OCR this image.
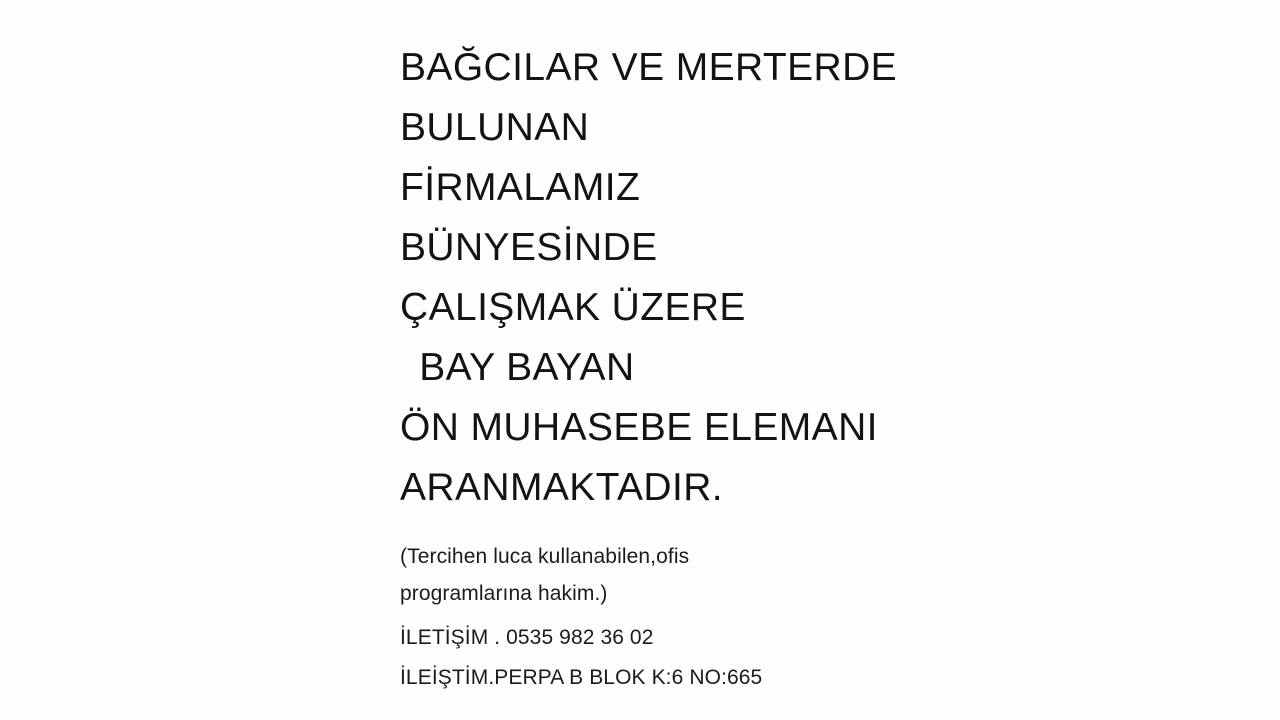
BAĞCILAR VE MERTERDE
BULUNAN
FİRMALAMIZ
BÜNYESİNDE
ÇALIŞMAK ÜZERE
BAY BAYAN
ÖN MUHASEBE ELEMANI
ARANMAKTADIR.
(Tercihen luca kullanabilen,ofis
programlarına hakim.)
İLETİŞİM . 0535 982 36 02
İLEİŞTİM.PERPA B BLOK K:6 NO:665
